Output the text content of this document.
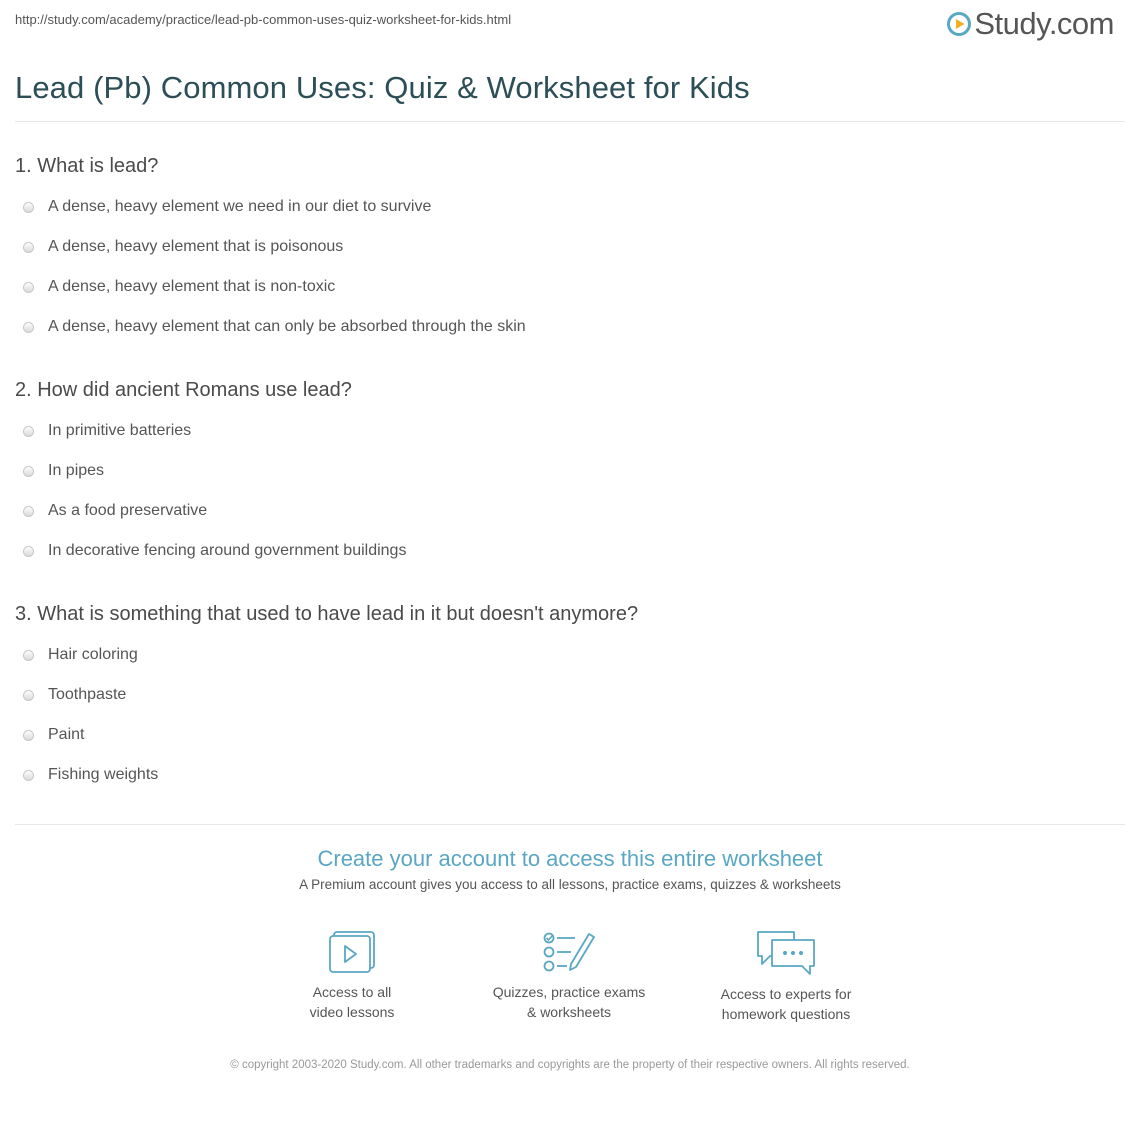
http://study.com/academy/practice/lead-pb-common-uses-quiz-worksheet-for-kids.html	Study.com
Lead (Pb) Common Uses: Quiz & Worksheet for Kids
1. What is lead?
A dense, heavy element we need in our diet to survive
A dense, heavy element that is poisonous
A dense, heavy element that is non-toxic
A dense, heavy element that can only be absorbed through the skin
2. How did ancient Romans use lead?
In primitive batteries
In pipes
As a food preservative
In decorative fencing around government buildings
3. What is something that used to have lead in it but doesn't anymore?
Hair coloring
Toothpaste
Paint
Fishing weights
Create your account to access this entire worksheet
A Premium account gives you access to all lessons, practice exams, quizzes & worksheets
Access to all
video lessons
Quizzes, practice exams
& worksheets
Access to experts for
homework questions
© copyright 2003-2020 Study.com. All other trademarks and copyrights are the property of their respective owners. All rights reserved.
